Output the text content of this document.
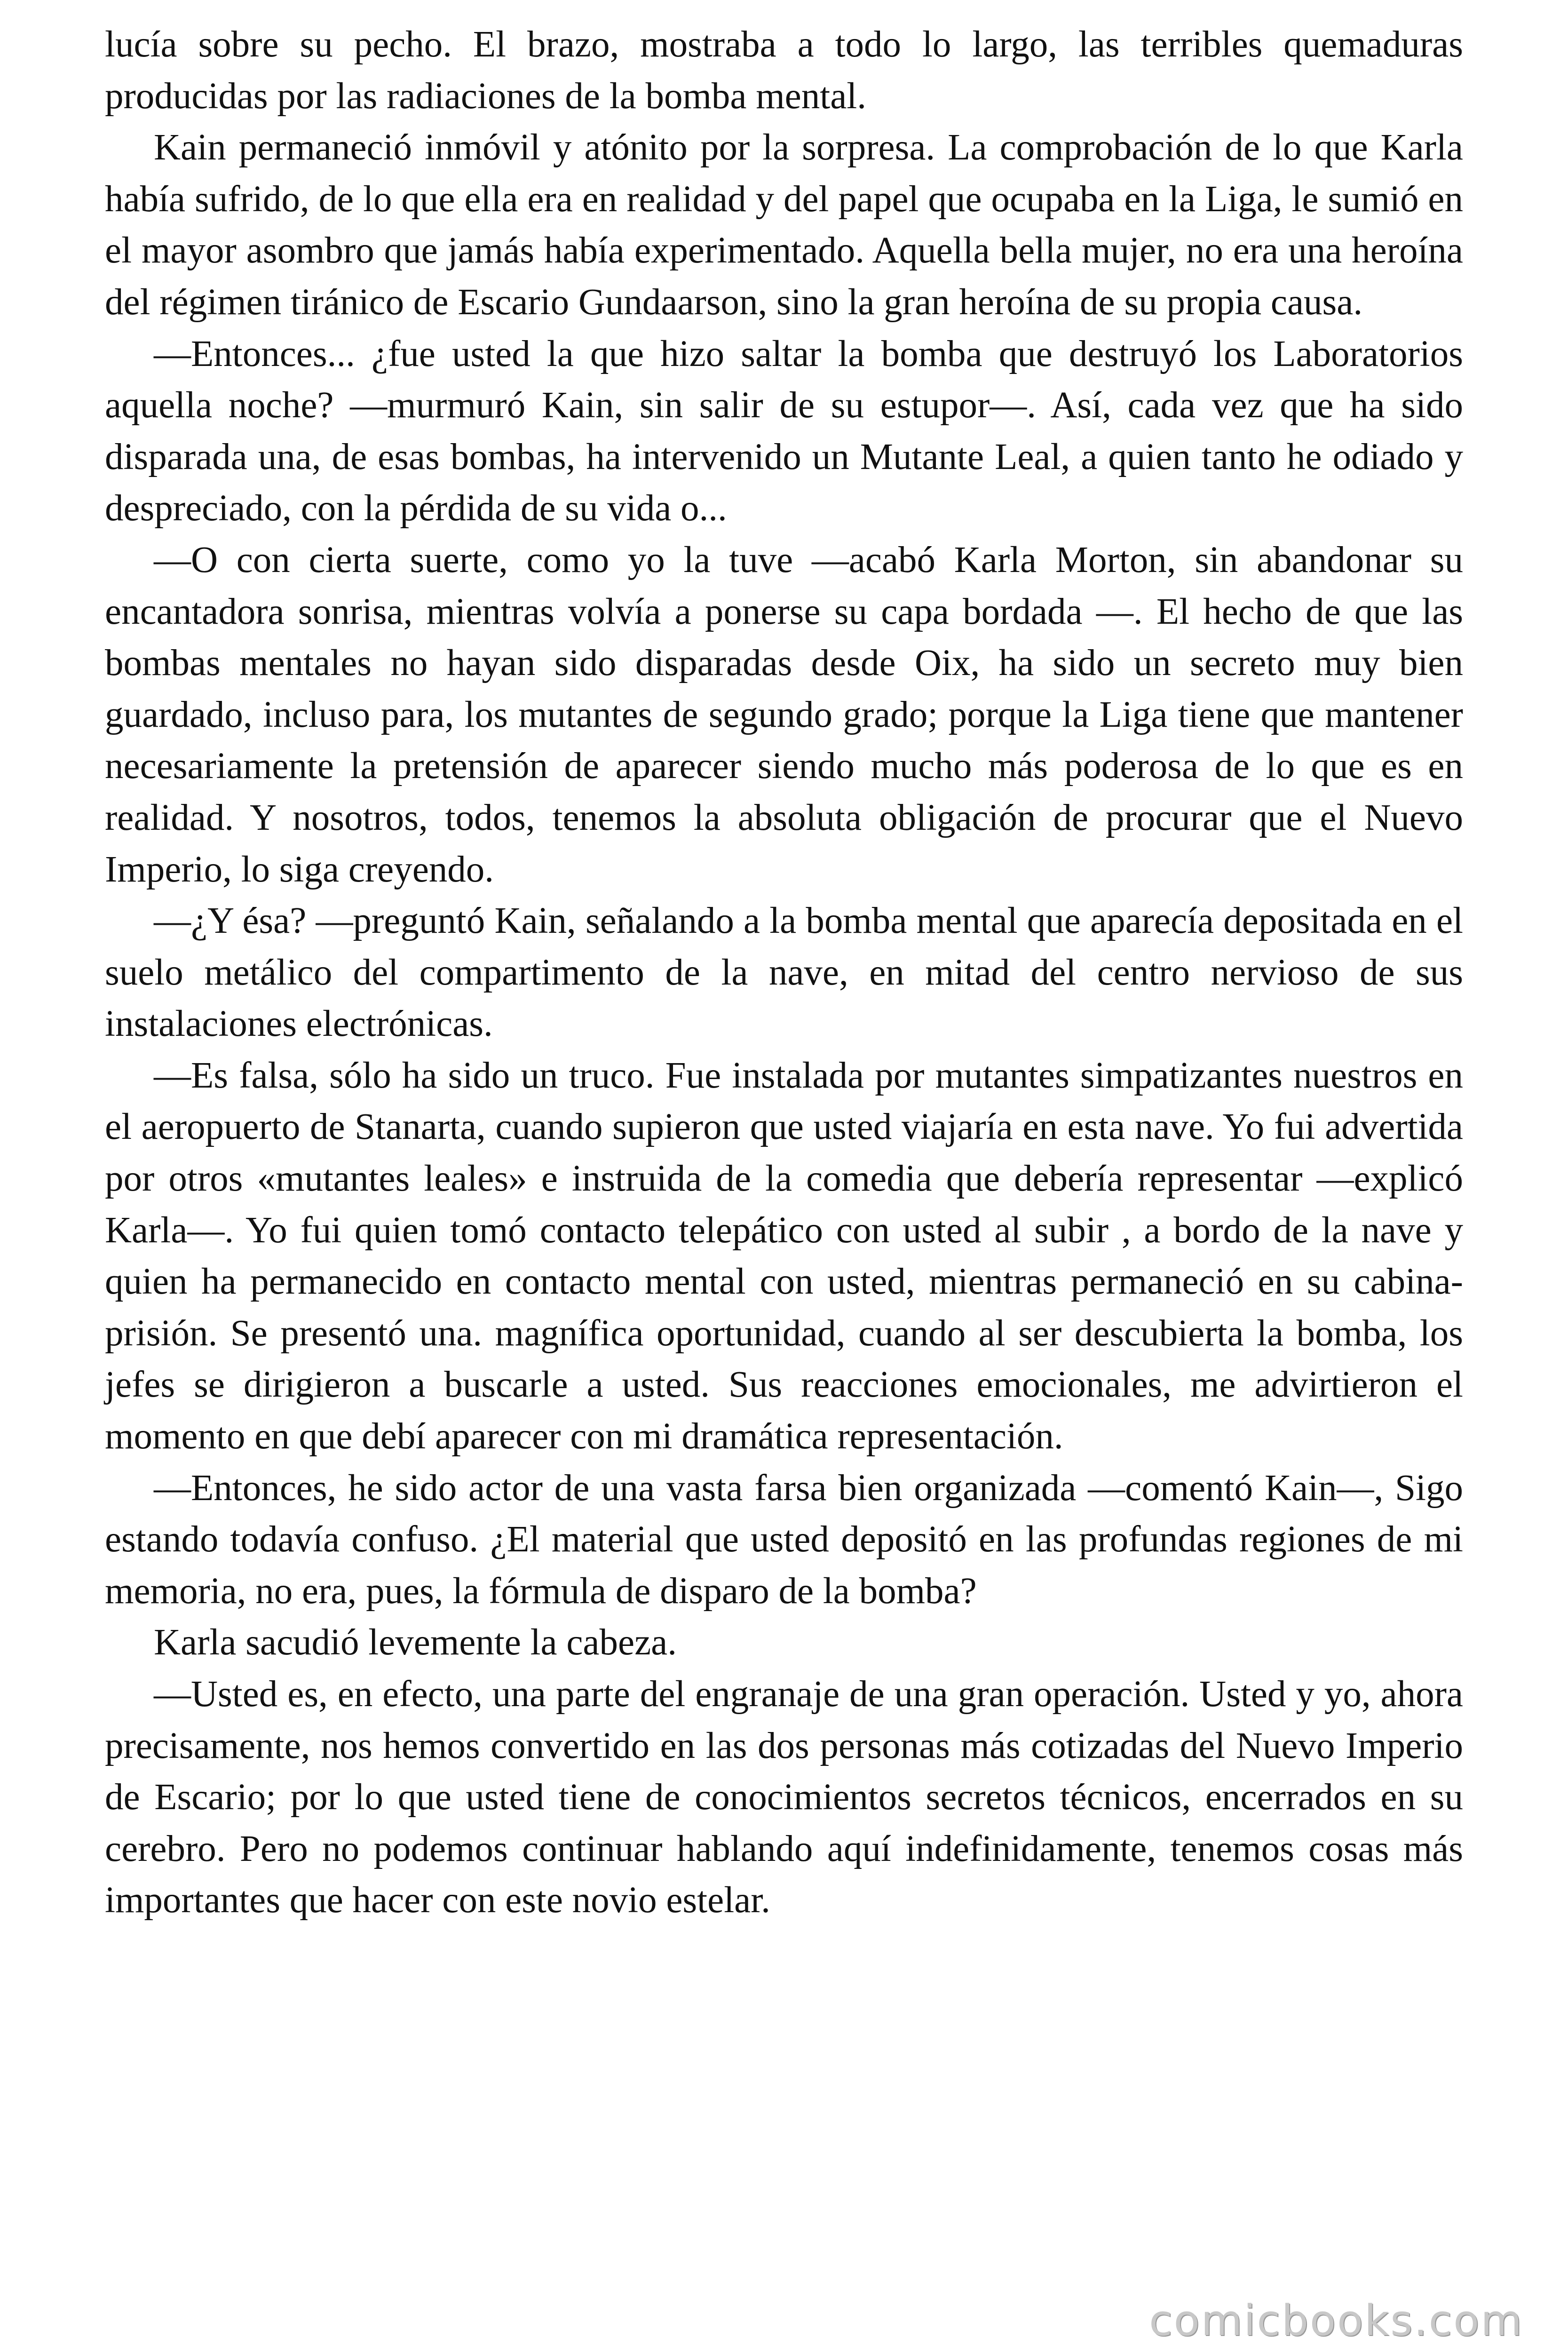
lucía sobre su pecho. El brazo, mostraba a todo lo largo, las terribles quemaduras producidas por las radiaciones de la bomba mental.

Kain permaneció inmóvil y atónito por la sorpresa. La comprobación de lo que Karla había sufrido, de lo que ella era en realidad y del papel que ocupaba en la Liga, le sumió en el mayor asombro que jamás había experimentado. Aquella bella mujer, no era una heroína del régimen tiránico de Escario Gundaarson, sino la gran heroína de su propia causa.

—Entonces... ¿fue usted la que hizo saltar la bomba que destruyó los Laboratorios aquella noche? —murmuró Kain, sin salir de su estupor—. Así, cada vez que ha sido disparada una, de esas bombas, ha intervenido un Mutante Leal, a quien tanto he odiado y despreciado, con la pérdida de su vida o...

—O con cierta suerte, como yo la tuve —acabó Karla Morton, sin abandonar su encantadora sonrisa, mientras volvía a ponerse su capa bordada —. El hecho de que las bombas mentales no hayan sido disparadas desde Oix, ha sido un secreto muy bien guardado, incluso para, los mutantes de segundo grado; porque la Liga tiene que mantener necesariamente la pretensión de aparecer siendo mucho más poderosa de lo que es en realidad. Y nosotros, todos, tenemos la absoluta obligación de procurar que el Nuevo Imperio, lo siga creyendo.

—¿Y ésa? —preguntó Kain, señalando a la bomba mental que aparecía depositada en el suelo metálico del compartimento de la nave, en mitad del centro nervioso de sus instalaciones electrónicas.

—Es falsa, sólo ha sido un truco. Fue instalada por mutantes simpatizantes nuestros en el aeropuerto de Stanarta, cuando supieron que usted viajaría en esta nave. Yo fui advertida por otros «mutantes leales» e instruida de la comedia que debería representar —explicó Karla—. Yo fui quien tomó contacto telepático con usted al subir , a bordo de la nave y quien ha permanecido en contacto mental con usted, mientras permaneció en su cabina-prisión. Se presentó una. magnífica oportunidad, cuando al ser descubierta la bomba, los jefes se dirigieron a buscarle a usted. Sus reacciones emocionales, me advirtieron el momento en que debí aparecer con mi dramática representación.

—Entonces, he sido actor de una vasta farsa bien organizada —comentó Kain—, Sigo estando todavía confuso. ¿El material que usted depositó en las profundas regiones de mi memoria, no era, pues, la fórmula de disparo de la bomba?

Karla sacudió levemente la cabeza.

—Usted es, en efecto, una parte del engranaje de una gran operación. Usted y yo, ahora precisamente, nos hemos convertido en las dos personas más cotizadas del Nuevo Imperio de Escario; por lo que usted tiene de conocimientos secretos técnicos, encerrados en su cerebro. Pero no podemos continuar hablando aquí indefinidamente, tenemos cosas más importantes que hacer con este novio estelar.

comicbooks.com
